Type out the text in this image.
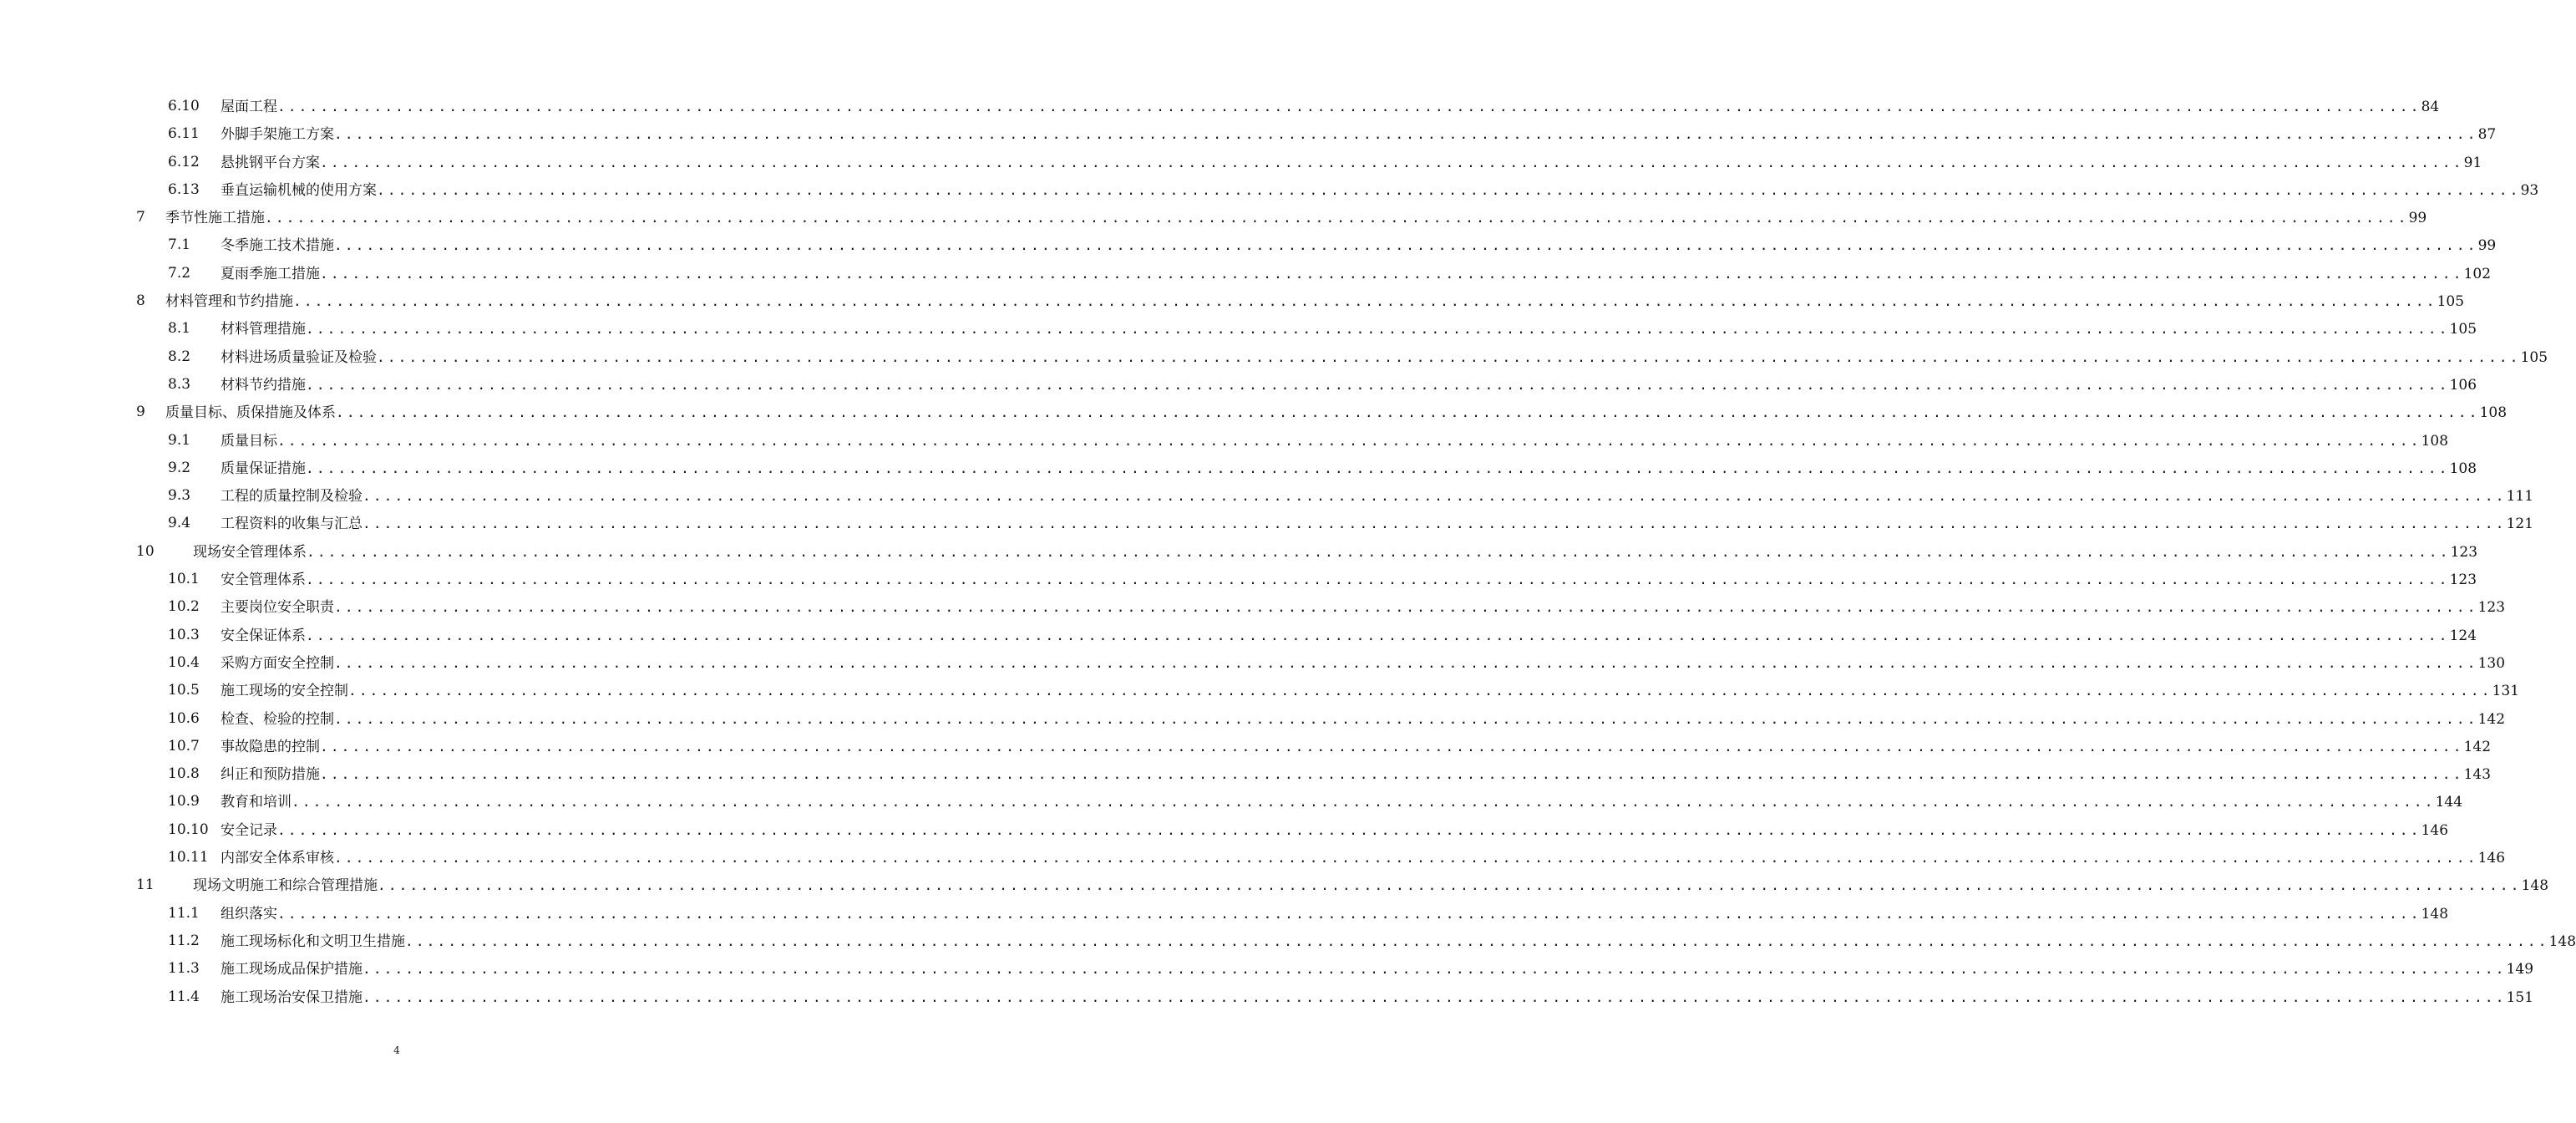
6.10 屋面工程 ........................................................................................................................................................................................................ 84
6.11 外脚手架施工方案 ........................................................................................................................................................................................................ 87
6.12 悬挑钢平台方案 ........................................................................................................................................................................................................ 91
6.13 垂直运输机械的使用方案 ........................................................................................................................................................................................................ 93
7 季节性施工措施 ........................................................................................................................................................................................................ 99
7.1 冬季施工技术措施 ........................................................................................................................................................................................................ 99
7.2 夏雨季施工措施 ........................................................................................................................................................................................................ 102
8 材料管理和节约措施 ........................................................................................................................................................................................................ 105
8.1 材料管理措施 ........................................................................................................................................................................................................ 105
8.2 材料进场质量验证及检验 ........................................................................................................................................................................................................ 105
8.3 材料节约措施 ........................................................................................................................................................................................................ 106
9 质量目标、质保措施及体系 ........................................................................................................................................................................................................ 108
9.1 质量目标 ........................................................................................................................................................................................................ 108
9.2 质量保证措施 ........................................................................................................................................................................................................ 108
9.3 工程的质量控制及检验 ........................................................................................................................................................................................................ 111
9.4 工程资料的收集与汇总 ........................................................................................................................................................................................................ 121
10	现场安全管理体系 ........................................................................................................................................................................................................ 123
10.1 安全管理体系 ........................................................................................................................................................................................................ 123
10.2 主要岗位安全职责 ........................................................................................................................................................................................................ 123
10.3 安全保证体系 ........................................................................................................................................................................................................ 124
10.4 采购方面安全控制 ........................................................................................................................................................................................................ 130
10.5 施工现场的安全控制 ........................................................................................................................................................................................................ 131
10.6 检查、检验的控制 ........................................................................................................................................................................................................ 142
10.7 事故隐患的控制 ........................................................................................................................................................................................................ 142
10.8 纠正和预防措施 ........................................................................................................................................................................................................ 143
10.9 教育和培训 ........................................................................................................................................................................................................ 144
10.10 安全记录 ........................................................................................................................................................................................................ 146
10.11 内部安全体系审核 ........................................................................................................................................................................................................ 146
11	现场文明施工和综合管理措施 ........................................................................................................................................................................................................ 148
11.1 组织落实 ........................................................................................................................................................................................................ 148
11.2 施工现场标化和文明卫生措施 ........................................................................................................................................................................................................ 148
11.3 施工现场成品保护措施 ........................................................................................................................................................................................................ 149
11.4 施工现场治安保卫措施 ........................................................................................................................................................................................................ 151
4
